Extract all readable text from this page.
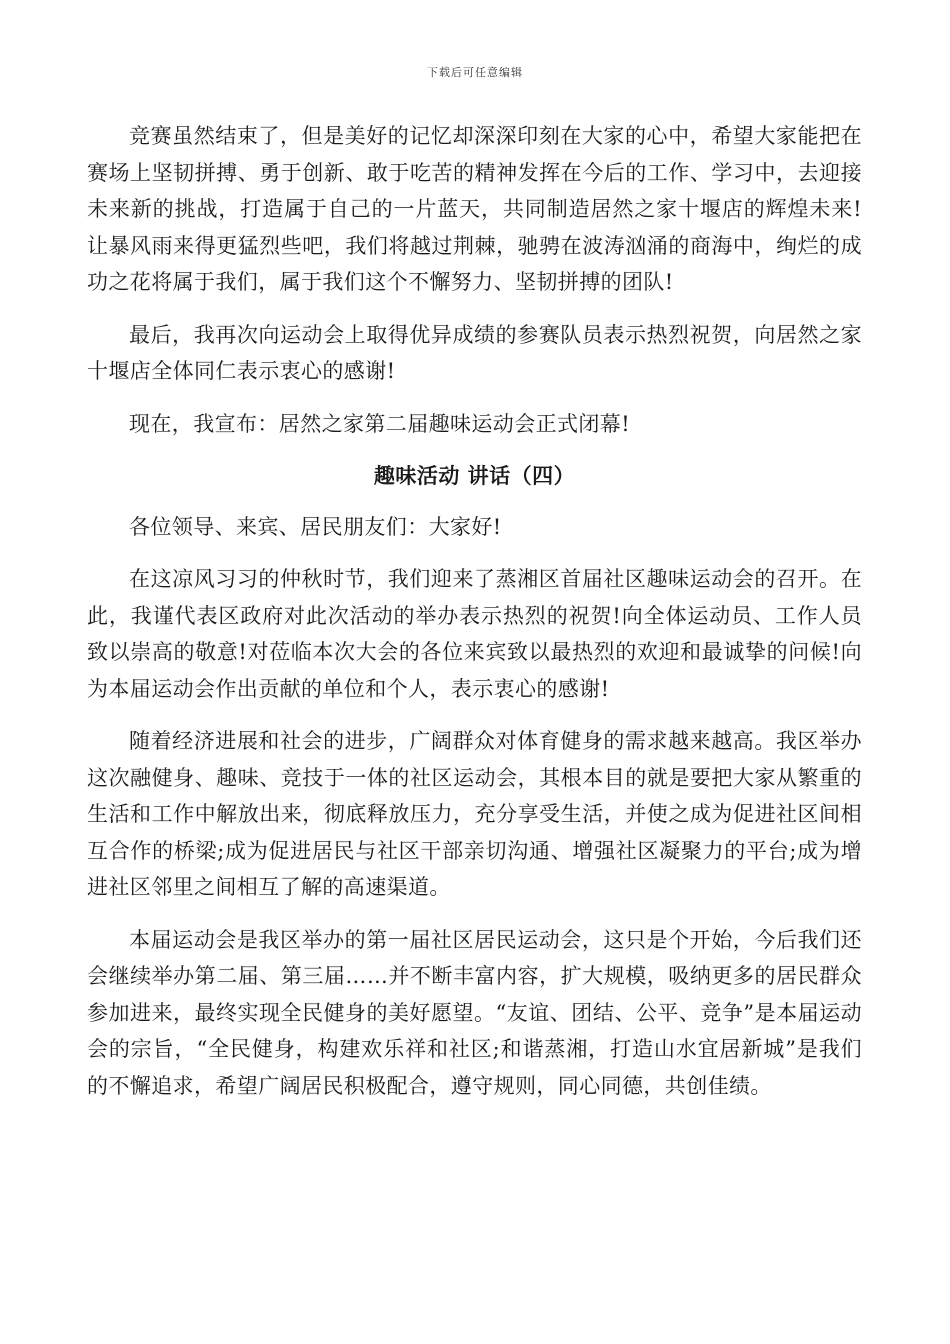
下载后可任意编辑

竞赛虽然结束了，但是美好的记忆却深深印刻在大家的心中，希望大家能把在赛场上坚韧拼搏、勇于创新、敢于吃苦的精神发挥在今后的工作、学习中，去迎接未来新的挑战，打造属于自己的一片蓝天，共同制造居然之家十堰店的辉煌未来!让暴风雨来得更猛烈些吧，我们将越过荆棘，驰骋在波涛汹涌的商海中，绚烂的成功之花将属于我们，属于我们这个不懈努力、坚韧拼搏的团队!

最后，我再次向运动会上取得优异成绩的参赛队员表示热烈祝贺，向居然之家十堰店全体同仁表示衷心的感谢!

现在，我宣布：居然之家第二届趣味运动会正式闭幕!

趣味活动 讲话（四）

各位领导、来宾、居民朋友们：大家好!

在这凉风习习的仲秋时节，我们迎来了蒸湘区首届社区趣味运动会的召开。在此，我谨代表区政府对此次活动的举办表示热烈的祝贺!向全体运动员、工作人员致以崇高的敬意!对莅临本次大会的各位来宾致以最热烈的欢迎和最诚挚的问候!向为本届运动会作出贡献的单位和个人，表示衷心的感谢!

随着经济进展和社会的进步，广阔群众对体育健身的需求越来越高。我区举办这次融健身、趣味、竞技于一体的社区运动会，其根本目的就是要把大家从繁重的生活和工作中解放出来，彻底释放压力，充分享受生活，并使之成为促进社区间相互合作的桥梁;成为促进居民与社区干部亲切沟通、增强社区凝聚力的平台;成为增进社区邻里之间相互了解的高速渠道。

本届运动会是我区举办的第一届社区居民运动会，这只是个开始，今后我们还会继续举办第二届、第三届……并不断丰富内容，扩大规模，吸纳更多的居民群众参加进来，最终实现全民健身的美好愿望。“友谊、团结、公平、竞争”是本届运动会的宗旨，“全民健身，构建欢乐祥和社区;和谐蒸湘，打造山水宜居新城”是我们的不懈追求，希望广阔居民积极配合，遵守规则，同心同德，共创佳绩。
